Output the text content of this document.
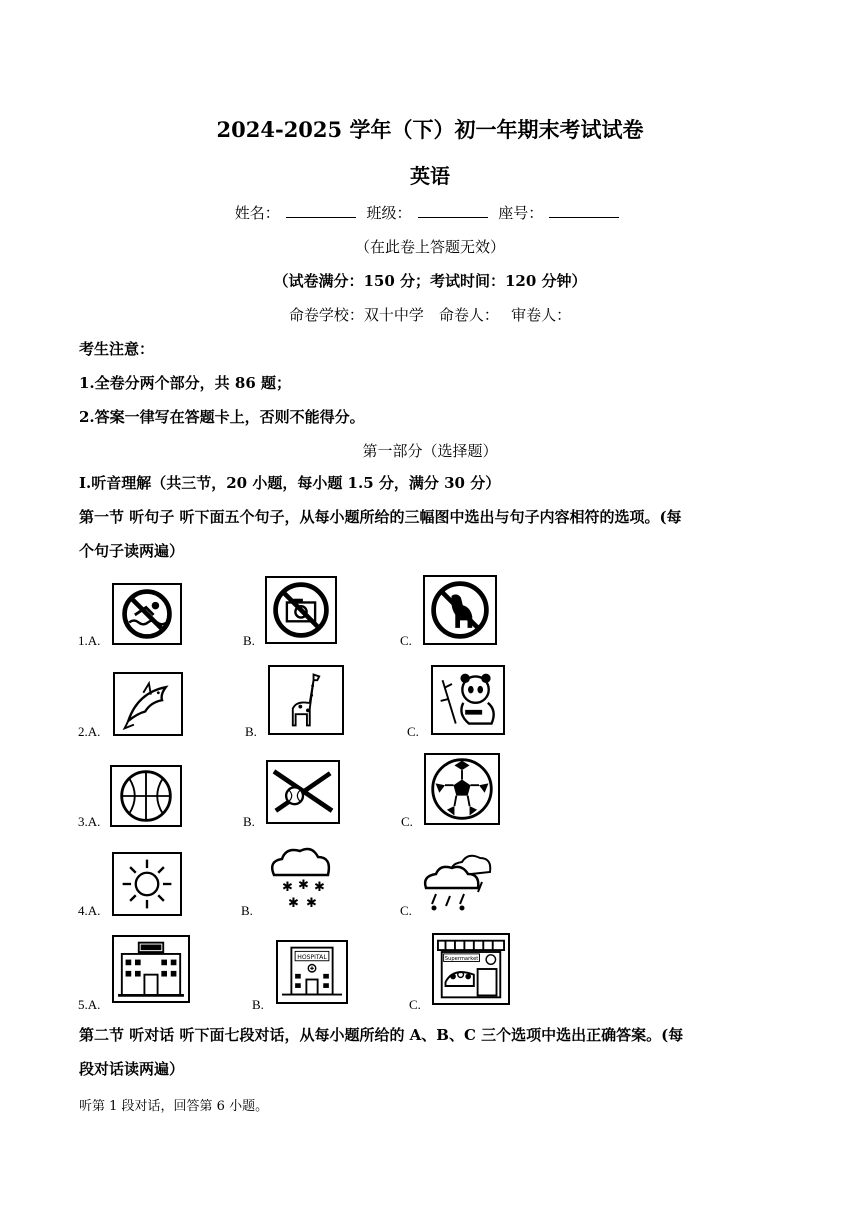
2024-2025 学年（下）初一年期末考试试卷
英语
姓名：	班级：	座号：
（在此卷上答题无效）
（试卷满分：150 分；考试时间：120 分钟）
命卷学校：双十中学　命卷人：　 审卷人：
考生注意：
1.全卷分两个部分，共 86 题；
2.答案一律写在答题卡上，否则不能得分。
第一部分（选择题）
Ⅰ.听音理解（共三节，20 小题，每小题 1.5 分，满分 30 分）
第一节 听句子 听下面五个句子，从每小题所给的三幅图中选出与句子内容相符的选项。(每
个句子读两遍）
1.A.	B.	C.
2.A.	B.	C.
3.A.	B.	C.
4.A.	B.	C.
✱ ✱ ✱
✱ ✱
5.A.	B.	C.
HOSPITAL	Supermarket
第二节 听对话 听下面七段对话，从每小题所给的 A、B、C 三个选项中选出正确答案。(每
段对话读两遍）
听第 1 段对话，回答第 6 小题。
